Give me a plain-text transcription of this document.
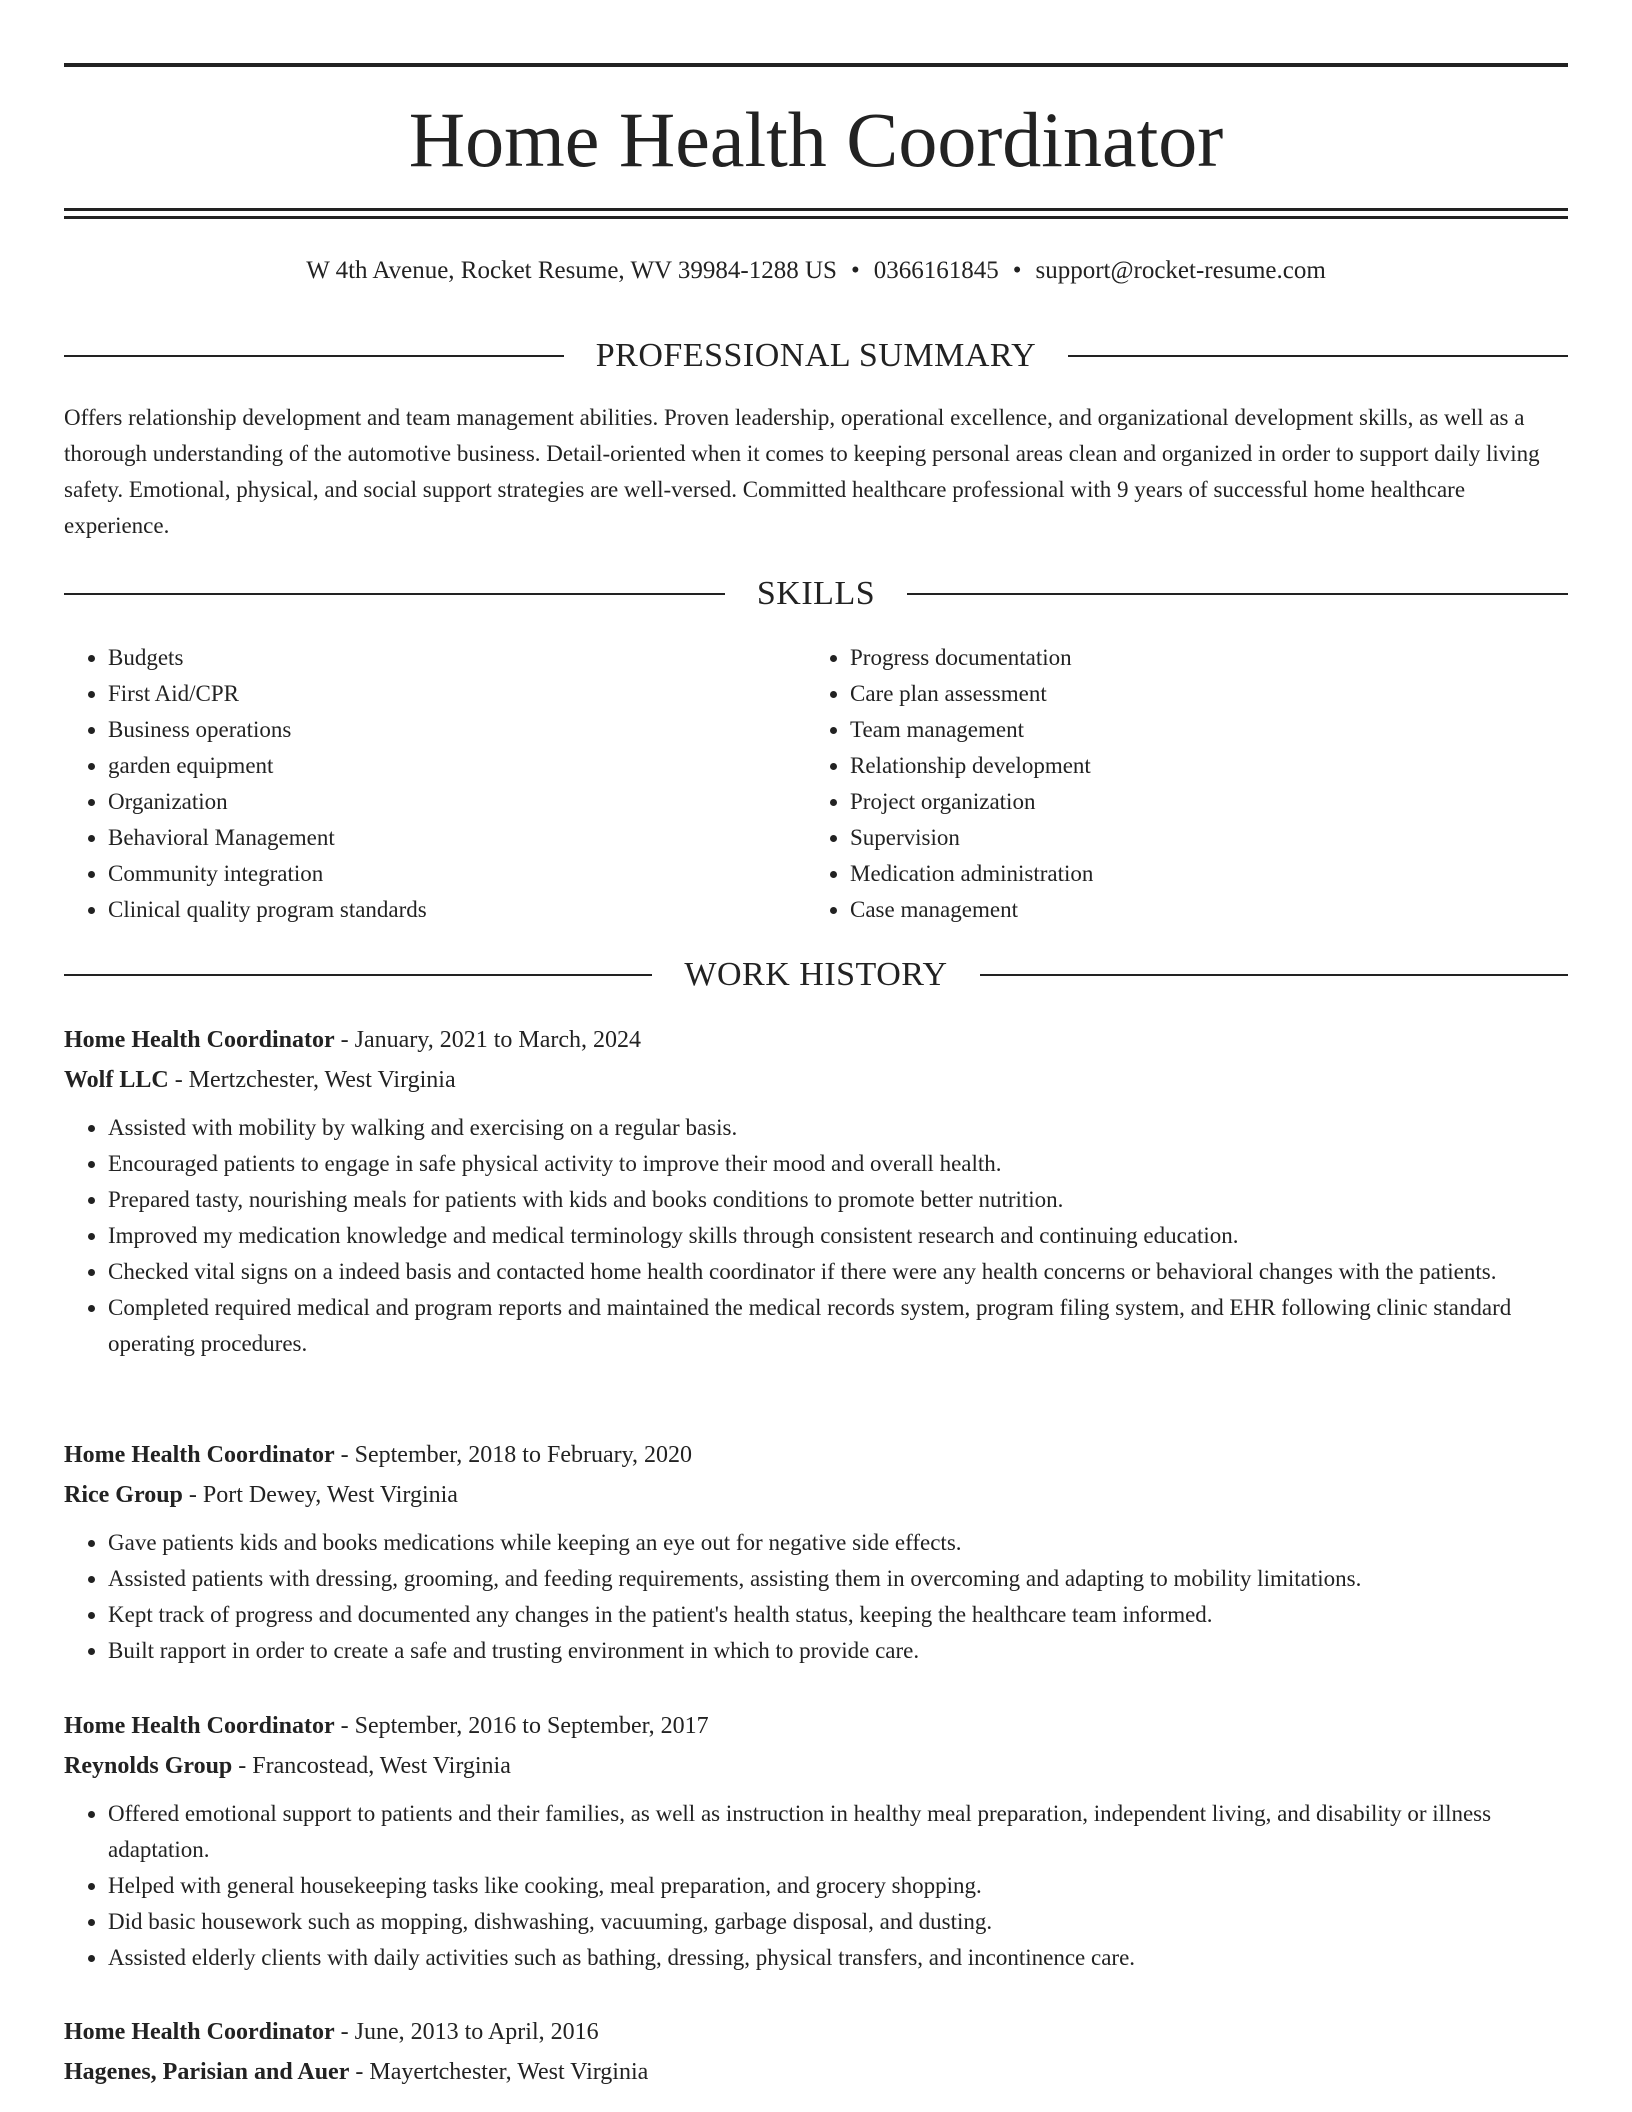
Home Health Coordinator
W 4th Avenue, Rocket Resume, WV 39984-1288 US • 0366161845 • support@rocket-resume.com
PROFESSIONAL SUMMARY

Offers relationship development and team management abilities. Proven leadership, operational excellence, and organizational development skills, as well as a thorough understanding of the automotive business. Detail-oriented when it comes to keeping personal areas clean and organized in order to support daily living safety. Emotional, physical, and social support strategies are well-versed. Committed healthcare professional with 9 years of successful home healthcare experience.

SKILLS
• Budgets
• First Aid/CPR
• Business operations
• garden equipment
• Organization
• Behavioral Management
• Community integration
• Clinical quality program standards
• Progress documentation
• Care plan assessment
• Team management
• Relationship development
• Project organization
• Supervision
• Medication administration
• Case management
WORK HISTORY
Home Health Coordinator - January, 2021 to March, 2024
Wolf LLC - Mertzchester, West Virginia
• Assisted with mobility by walking and exercising on a regular basis.
• Encouraged patients to engage in safe physical activity to improve their mood and overall health.
• Prepared tasty, nourishing meals for patients with kids and books conditions to promote better nutrition.
• Improved my medication knowledge and medical terminology skills through consistent research and continuing education.
• Checked vital signs on a indeed basis and contacted home health coordinator if there were any health concerns or behavioral changes with the patients.
• Completed required medical and program reports and maintained the medical records system, program filing system, and EHR following clinic standard operating procedures.
Home Health Coordinator - September, 2018 to February, 2020
Rice Group - Port Dewey, West Virginia
• Gave patients kids and books medications while keeping an eye out for negative side effects.
• Assisted patients with dressing, grooming, and feeding requirements, assisting them in overcoming and adapting to mobility limitations.
• Kept track of progress and documented any changes in the patient's health status, keeping the healthcare team informed.
• Built rapport in order to create a safe and trusting environment in which to provide care.
Home Health Coordinator - September, 2016 to September, 2017
Reynolds Group - Francostead, West Virginia
• Offered emotional support to patients and their families, as well as instruction in healthy meal preparation, independent living, and disability or illness adaptation.
• Helped with general housekeeping tasks like cooking, meal preparation, and grocery shopping.
• Did basic housework such as mopping, dishwashing, vacuuming, garbage disposal, and dusting.
• Assisted elderly clients with daily activities such as bathing, dressing, physical transfers, and incontinence care.
Home Health Coordinator - June, 2013 to April, 2016
Hagenes, Parisian and Auer - Mayertchester, West Virginia
